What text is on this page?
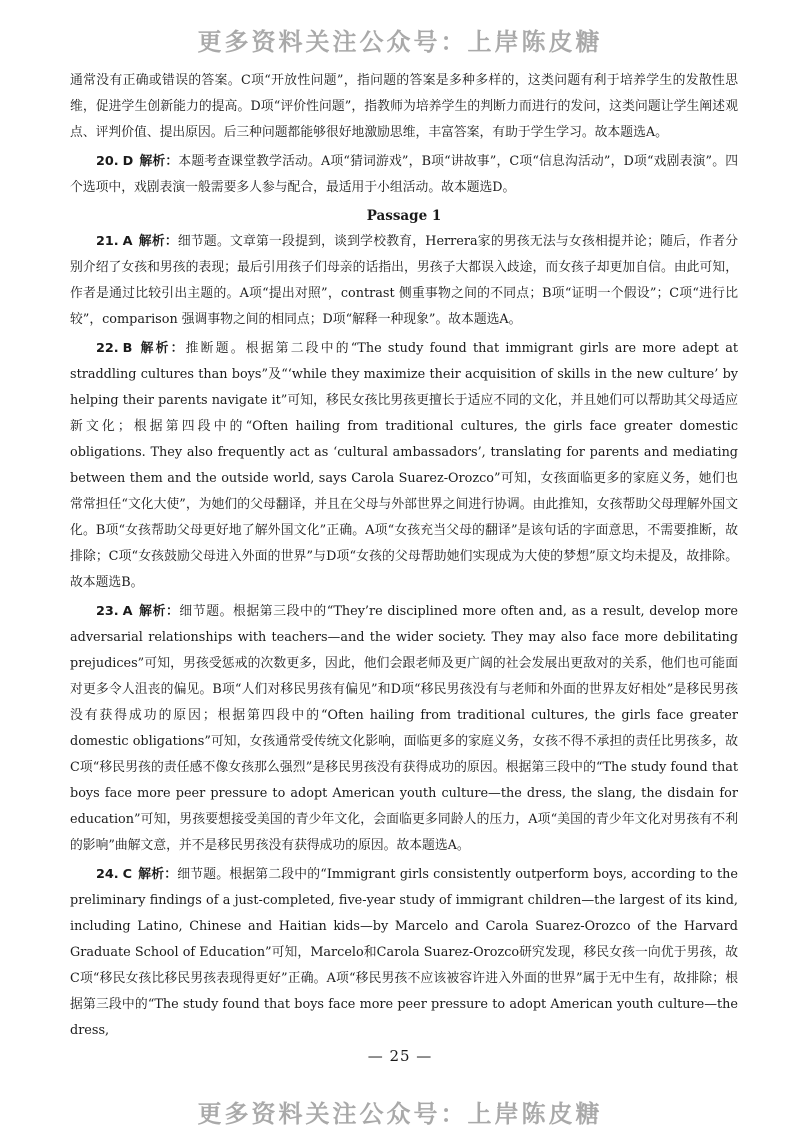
更多资料关注公众号：上岸陈皮糖

通常没有正确或错误的答案。C项“开放性问题”，指问题的答案是多种多样的，这类问题有利于培养学生的发散性思维，促进学生创新能力的提高。D项“评价性问题”，指教师为培养学生的判断力而进行的发问，这类问题让学生阐述观点、评判价值、提出原因。后三种问题都能够很好地激励思维，丰富答案，有助于学生学习。故本题选A。

20. D 解析：本题考查课堂教学活动。A项“猜词游戏”，B项“讲故事”，C项“信息沟活动”，D项“戏剧表演”。四个选项中，戏剧表演一般需要多人参与配合，最适用于小组活动。故本题选D。

Passage 1

21. A 解析：细节题。文章第一段提到，谈到学校教育，Herrera家的男孩无法与女孩相提并论；随后，作者分别介绍了女孩和男孩的表现；最后引用孩子们母亲的话指出，男孩子大都误入歧途，而女孩子却更加自信。由此可知，作者是通过比较引出主题的。A项“提出对照”，contrast 侧重事物之间的不同点；B项“证明一个假设”；C项“进行比较”，comparison 强调事物之间的相同点；D项“解释一种现象”。故本题选A。

22. B 解析：推断题。根据第二段中的“The study found that immigrant girls are more adept at straddling cultures than boys”及“‘while they maximize their acquisition of skills in the new culture’ by helping their parents navigate it”可知，移民女孩比男孩更擅长于适应不同的文化，并且她们可以帮助其父母适应新文化；根据第四段中的“Often hailing from traditional cultures, the girls face greater domestic obligations. They also frequently act as ‘cultural ambassadors’, translating for parents and mediating between them and the outside world, says Carola Suarez-Orozco”可知，女孩面临更多的家庭义务，她们也常常担任“文化大使”，为她们的父母翻译，并且在父母与外部世界之间进行协调。由此推知，女孩帮助父母理解外国文化。B项“女孩帮助父母更好地了解外国文化”正确。A项“女孩充当父母的翻译”是该句话的字面意思，不需要推断，故排除；C项“女孩鼓励父母进入外面的世界”与D项“女孩的父母帮助她们实现成为大使的梦想”原文均未提及，故排除。故本题选B。

23. A 解析：细节题。根据第三段中的“They’re disciplined more often and, as a result, develop more adversarial relationships with teachers—and the wider society. They may also face more debilitating prejudices”可知，男孩受惩戒的次数更多，因此，他们会跟老师及更广阔的社会发展出更敌对的关系，他们也可能面对更多令人沮丧的偏见。B项“人们对移民男孩有偏见”和D项“移民男孩没有与老师和外面的世界友好相处”是移民男孩没有获得成功的原因；根据第四段中的“Often hailing from traditional cultures, the girls face greater domestic obligations”可知，女孩通常受传统文化影响，面临更多的家庭义务，女孩不得不承担的责任比男孩多，故C项“移民男孩的责任感不像女孩那么强烈”是移民男孩没有获得成功的原因。根据第三段中的“The study found that boys face more peer pressure to adopt American youth culture—the dress, the slang, the disdain for education”可知，男孩要想接受美国的青少年文化，会面临更多同龄人的压力，A项“美国的青少年文化对男孩有不利的影响”曲解文意，并不是移民男孩没有获得成功的原因。故本题选A。

24. C 解析：细节题。根据第二段中的“Immigrant girls consistently outperform boys, according to the preliminary findings of a just-completed, five-year study of immigrant children—the largest of its kind, including Latino, Chinese and Haitian kids—by Marcelo and Carola Suarez-Orozco of the Harvard Graduate School of Education”可知，Marcelo和Carola Suarez-Orozco研究发现，移民女孩一向优于男孩，故C项“移民女孩比移民男孩表现得更好”正确。A项“移民男孩不应该被容许进入外面的世界”属于无中生有，故排除；根据第三段中的“The study found that boys face more peer pressure to adopt American youth culture—the dress,

— 25 —
更多资料关注公众号：上岸陈皮糖
